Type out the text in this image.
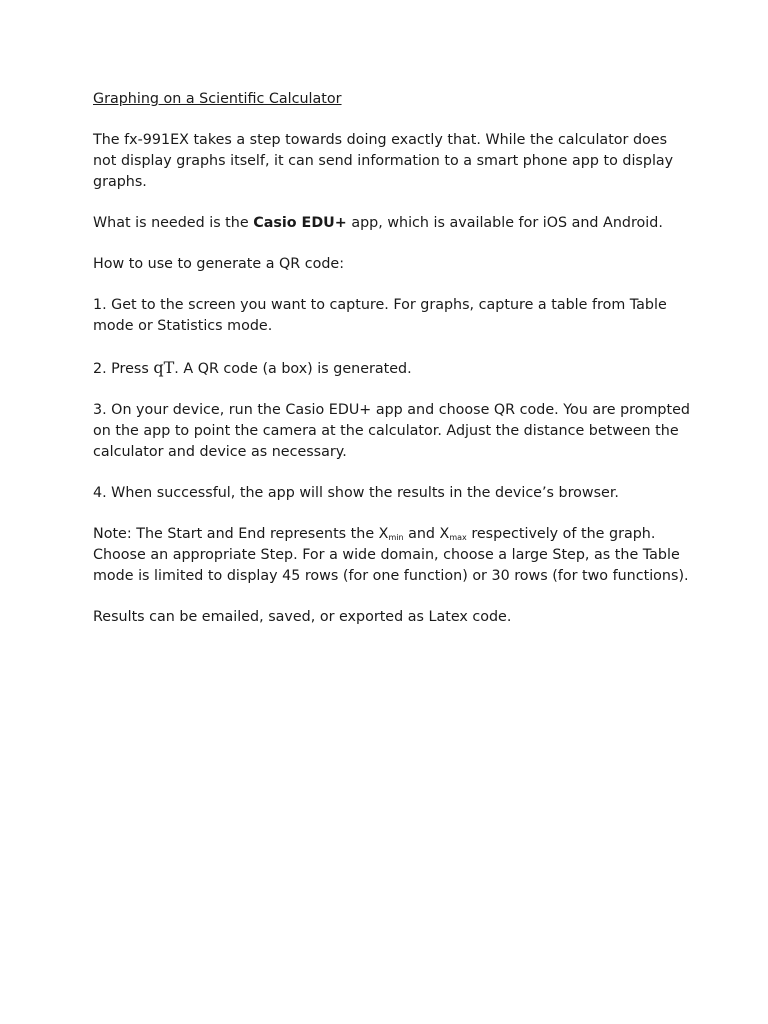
Graphing on a Scientific Calculator

The fx-991EX takes a step towards doing exactly that. While the calculator does not display graphs itself, it can send information to a smart phone app to display graphs.

What is needed is the Casio EDU+ app, which is available for iOS and Android.

How to use to generate a QR code:

1. Get to the screen you want to capture. For graphs, capture a table from Table mode or Statistics mode.

2. Press qT. A QR code (a box) is generated.

3. On your device, run the Casio EDU+ app and choose QR code. You are prompted on the app to point the camera at the calculator. Adjust the distance between the calculator and device as necessary.

4. When successful, the app will show the results in the device’s browser.

Note: The Start and End represents the $X_{min}$ and $X_{max}$ respectively of the graph. Choose an appropriate Step. For a wide domain, choose a large Step, as the Table mode is limited to display 45 rows (for one function) or 30 rows (for two functions).

Results can be emailed, saved, or exported as Latex code.
